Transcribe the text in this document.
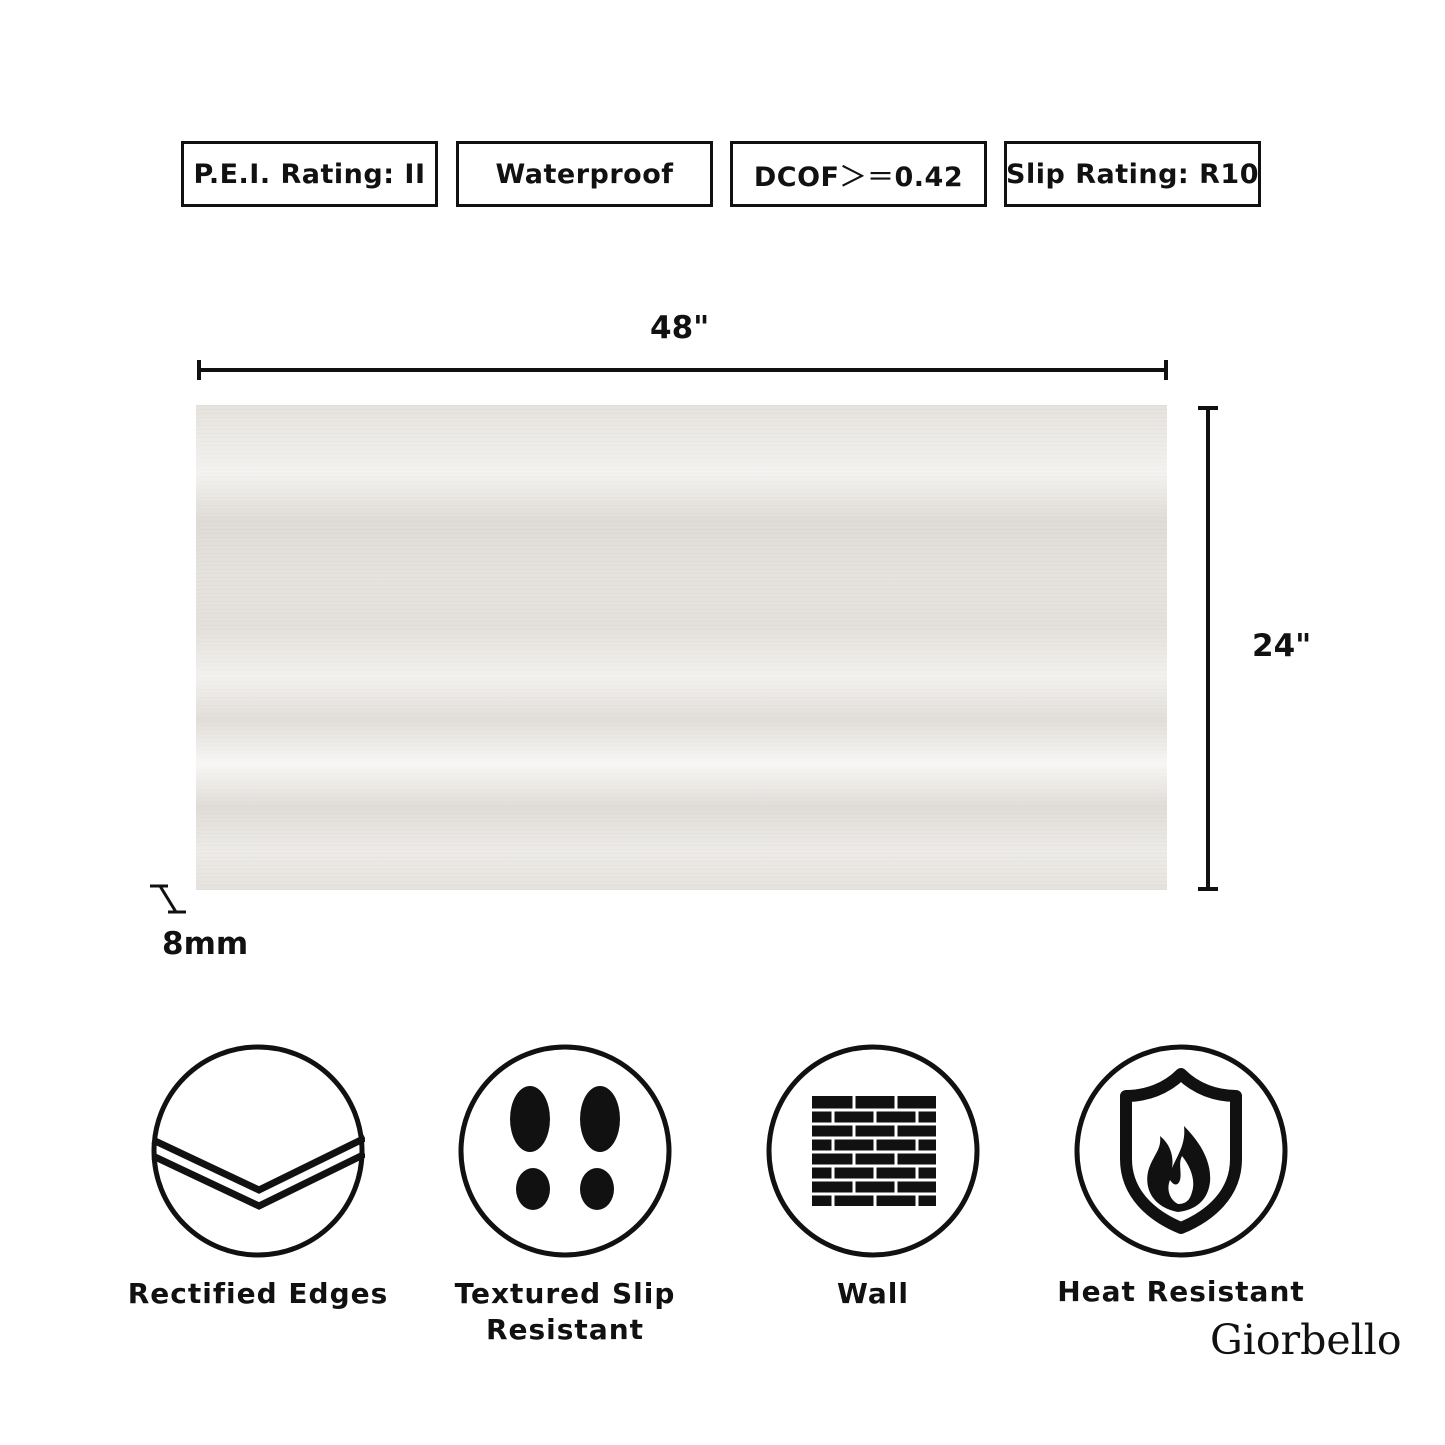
P.E.I. Rating: II	Waterproof	DCOF＞＝0.42	Slip Rating: R10
48"
24"
8mm
Rectified Edges	Textured Slip
Resistant
Wall	Heat Resistant
Giorbello
